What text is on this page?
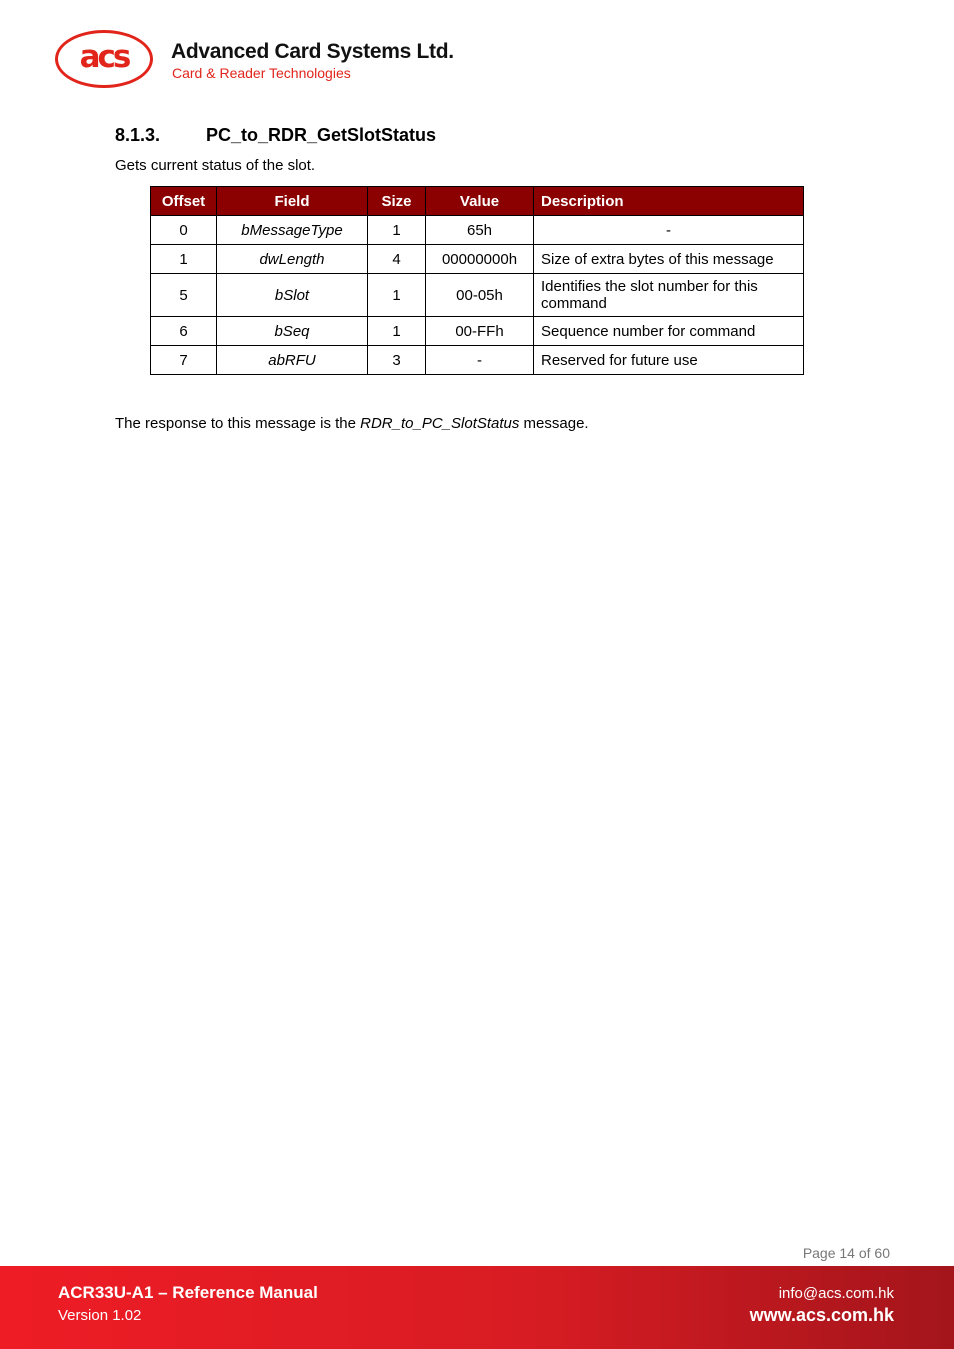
acs	Advanced Card Systems Ltd.
Card & Reader Technologies
8.1.3.	PC_to_RDR_GetSlotStatus
Gets current status of the slot.
Offset	Field	Size	Value	Description
0	bMessageType	1	65h	-
1	dwLength	4	00000000h	Size of extra bytes of this message
5	bSlot	1	00-05h	Identifies the slot number for this command
6	bSeq	1	00-FFh	Sequence number for command
7	abRFU	3	-	Reserved for future use
The response to this message is the RDR_to_PC_SlotStatus message.
Page 14 of 60
ACR33U-A1 – Reference Manual
Version 1.02
info@acs.com.hk
www.acs.com.hk
